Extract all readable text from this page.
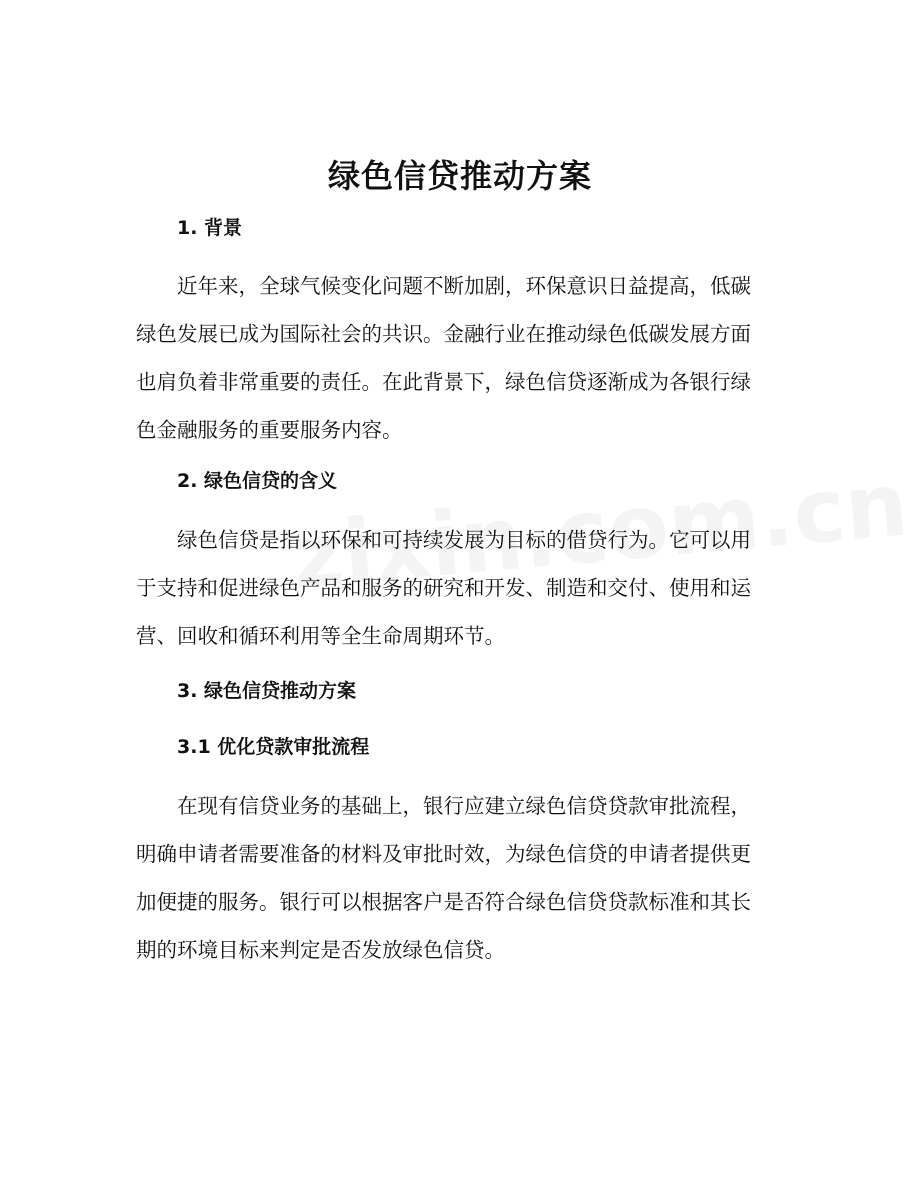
绿色信贷推动方案
1. 背景
近年来，全球气候变化问题不断加剧，环保意识日益提高，低碳
绿色发展已成为国际社会的共识。金融行业在推动绿色低碳发展方面
也肩负着非常重要的责任。在此背景下，绿色信贷逐渐成为各银行绿
色金融服务的重要服务内容。
2. 绿色信贷的含义
绿色信贷是指以环保和可持续发展为目标的借贷行为。它可以用
于支持和促进绿色产品和服务的研究和开发、制造和交付、使用和运
营、回收和循环利用等全生命周期环节。
3. 绿色信贷推动方案
3.1 优化贷款审批流程
在现有信贷业务的基础上，银行应建立绿色信贷贷款审批流程，
明确申请者需要准备的材料及审批时效，为绿色信贷的申请者提供更
加便捷的服务。银行可以根据客户是否符合绿色信贷贷款标准和其长
期的环境目标来判定是否发放绿色信贷。
